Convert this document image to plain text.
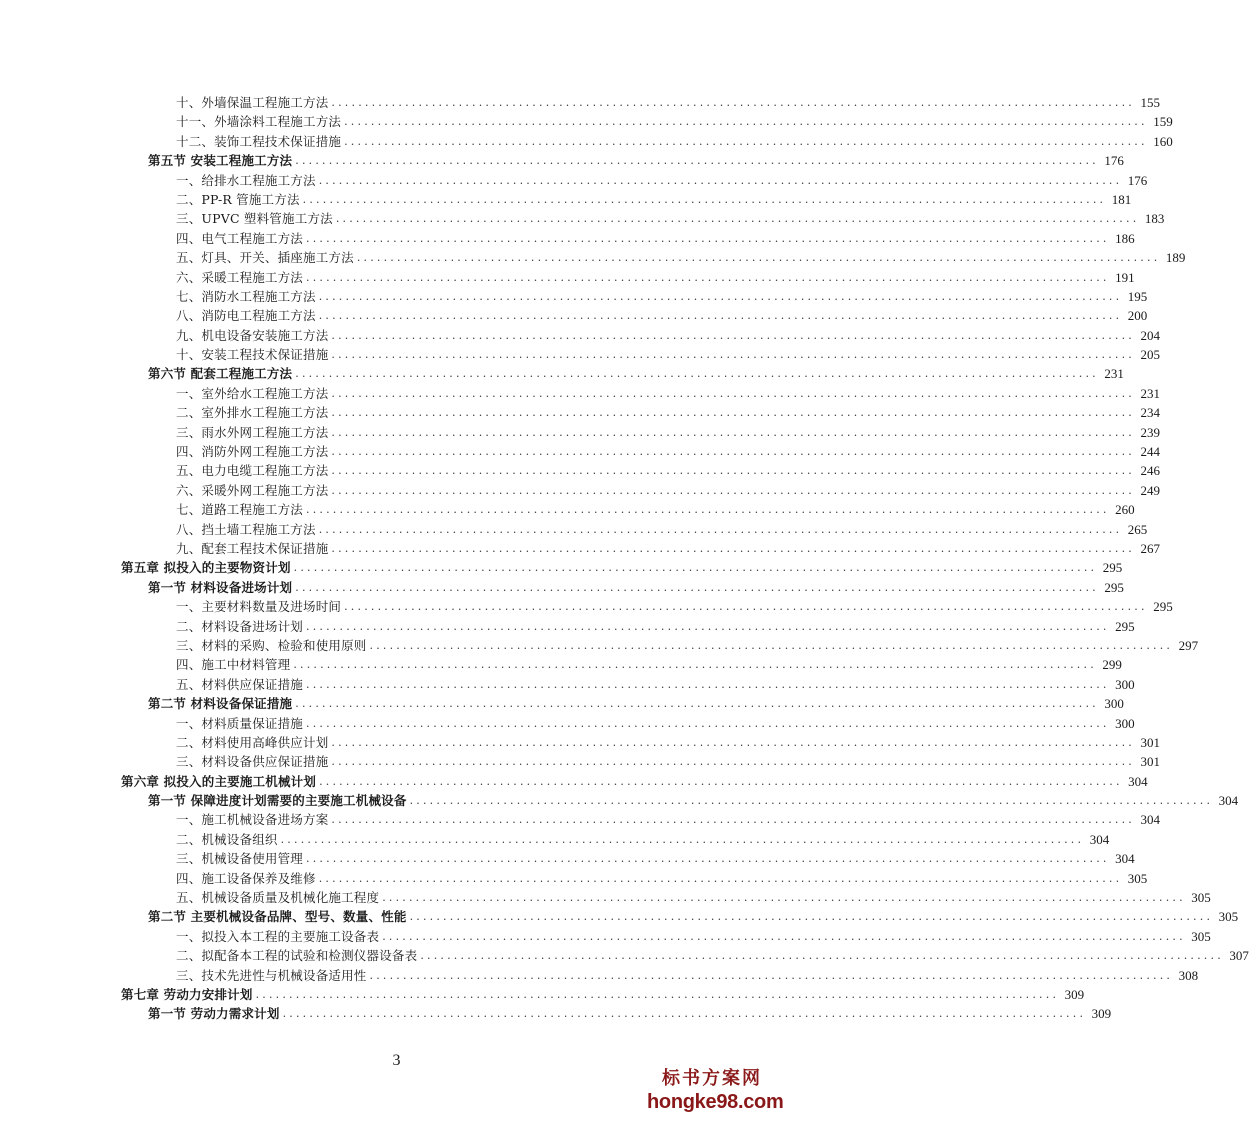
十、外墙保温工程施工方法 ........................................................................................................................ 155
十一、外墙涂料工程施工方法 ........................................................................................................................ 159
十二、装饰工程技术保证措施 ........................................................................................................................ 160
第五节 安装工程施工方法 ........................................................................................................................ 176
一、给排水工程施工方法 ........................................................................................................................ 176
二、PP-R 管施工方法 ........................................................................................................................ 181
三、UPVC 塑料管施工方法 ........................................................................................................................ 183
四、电气工程施工方法 ........................................................................................................................ 186
五、灯具、开关、插座施工方法 ........................................................................................................................ 189
六、采暖工程施工方法 ........................................................................................................................ 191
七、消防水工程施工方法 ........................................................................................................................ 195
八、消防电工程施工方法 ........................................................................................................................ 200
九、机电设备安装施工方法 ........................................................................................................................ 204
十、安装工程技术保证措施 ........................................................................................................................ 205
第六节 配套工程施工方法 ........................................................................................................................ 231
一、室外给水工程施工方法 ........................................................................................................................ 231
二、室外排水工程施工方法 ........................................................................................................................ 234
三、雨水外网工程施工方法 ........................................................................................................................ 239
四、消防外网工程施工方法 ........................................................................................................................ 244
五、电力电缆工程施工方法 ........................................................................................................................ 246
六、采暖外网工程施工方法 ........................................................................................................................ 249
七、道路工程施工方法 ........................................................................................................................ 260
八、挡土墙工程施工方法 ........................................................................................................................ 265
九、配套工程技术保证措施 ........................................................................................................................ 267
第五章 拟投入的主要物资计划 ........................................................................................................................ 295
第一节 材料设备进场计划 ........................................................................................................................ 295
一、主要材料数量及进场时间 ........................................................................................................................ 295
二、材料设备进场计划 ........................................................................................................................ 295
三、材料的采购、检验和使用原则 ........................................................................................................................ 297
四、施工中材料管理 ........................................................................................................................ 299
五、材料供应保证措施 ........................................................................................................................ 300
第二节 材料设备保证措施 ........................................................................................................................ 300
一、材料质量保证措施 ........................................................................................................................ 300
二、材料使用高峰供应计划 ........................................................................................................................ 301
三、材料设备供应保证措施 ........................................................................................................................ 301
第六章 拟投入的主要施工机械计划 ........................................................................................................................ 304
第一节 保障进度计划需要的主要施工机械设备 ........................................................................................................................ 304
一、施工机械设备进场方案 ........................................................................................................................ 304
二、机械设备组织 ........................................................................................................................ 304
三、机械设备使用管理 ........................................................................................................................ 304
四、施工设备保养及维修 ........................................................................................................................ 305
五、机械设备质量及机械化施工程度 ........................................................................................................................ 305
第二节 主要机械设备品牌、型号、数量、性能 ........................................................................................................................ 305
一、拟投入本工程的主要施工设备表 ........................................................................................................................ 305
二、拟配备本工程的试验和检测仪器设备表 ........................................................................................................................ 307
三、技术先进性与机械设备适用性 ........................................................................................................................ 308
第七章 劳动力安排计划 ........................................................................................................................ 309
第一节 劳动力需求计划 ........................................................................................................................ 309
3
标书方案网
hongke98.com
